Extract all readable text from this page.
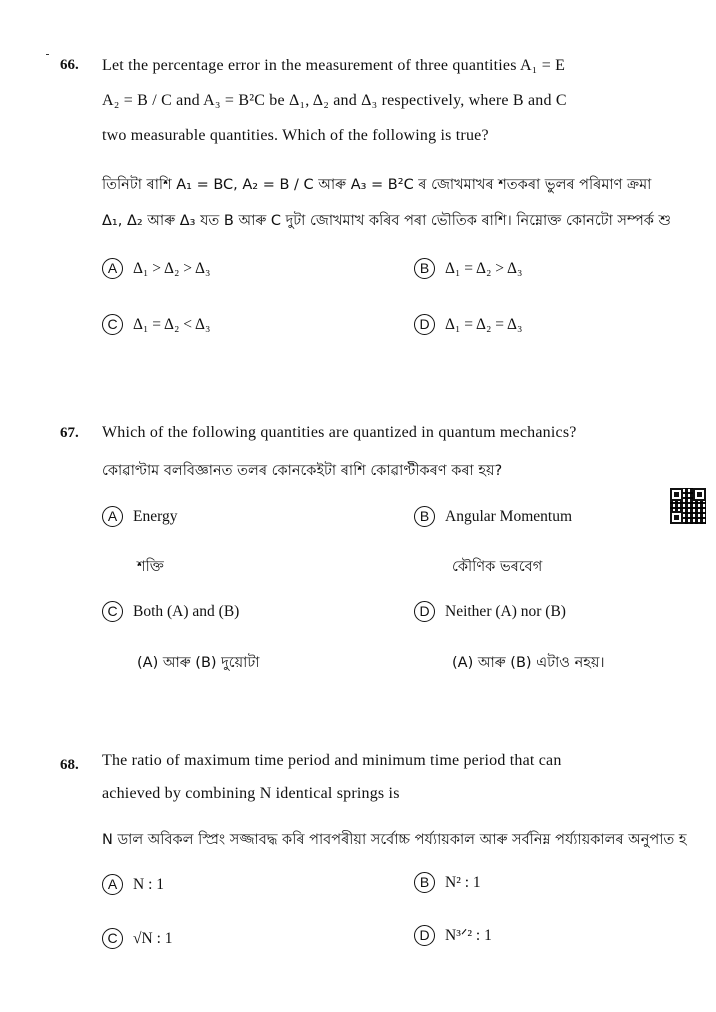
66. Let the percentage error in the measurement of three quantities A₁ = E
A₂ = B / C and A₃ = B²C be Δ₁, Δ₂ and Δ₃ respectively, where B and C
two measurable quantities. Which of the following is true?
তিনিটা ৰাশি A₁ = BC, A₂ = B / C আৰু A₃ = B²C ৰ জোখমাখৰ শতকৰা ভুলৰ পৰিমাণ ক্ৰমা
Δ₁, Δ₂ আৰু Δ₃ যত B আৰু C দুটা জোখমাখ কৰিব পৰা ভৌতিক ৰাশি। নিম্নোক্ত কোনটো সম্পৰ্ক শু
A	Δ₁ > Δ₂ > Δ₃	B	Δ₁ = Δ₂ > Δ₃
C Δ₁ = Δ₂ < Δ₃	D Δ₁ = Δ₂ = Δ₃
67. Which of the following quantities are quantized in quantum mechanics?
কোৱাণ্টাম বলবিজ্ঞানত তলৰ কোনকেইটা ৰাশি কোৱাণ্টীকৰণ কৰা হয়?
A	Energy
শক্তি
B	Angular Momentum
কৌণিক ভৰবেগ
C Both (A) and (B)
(A) আৰু (B) দুয়োটা
D Neither (A) nor (B)
(A) আৰু (B) এটাও নহয়।
68. The ratio of maximum time period and minimum time period that can
achieved by combining N identical springs is
N ডাল অবিকল স্প্ৰিং সজ্জাবদ্ধ কৰি পাবপৰীয়া সৰ্বোচ্চ পৰ্য্যায়কাল আৰু সৰ্বনিম্ন পৰ্য্যায়কালৰ অনুপাত হ
A	N : 1	B	N² : 1
C √N : 1	D N³ᐟ² : 1
